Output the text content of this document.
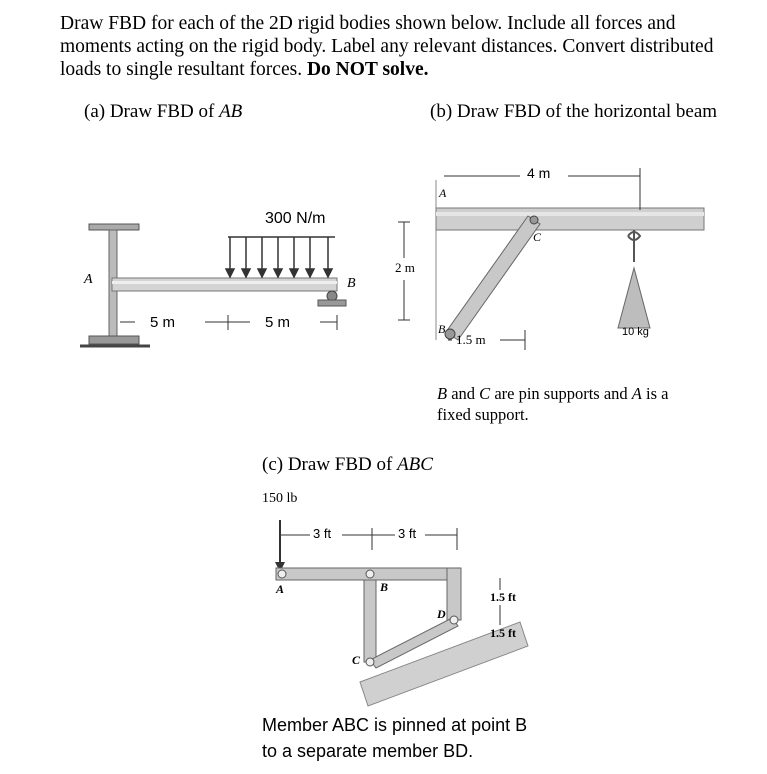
Draw FBD for each of the 2D rigid bodies shown below. Include all forces and
moments acting on the rigid body. Label any relevant distances. Convert distributed
loads to single resultant forces. Do NOT solve.
(a) Draw FBD of AB	(b) Draw FBD of the horizontal beam
300 N/m
A	B
5 m	5 m
4 m
2 m
1.5 m
A
B
C
10 kg
B and C are pin supports and A is a
fixed support.
(c) Draw FBD of ABC
150 lb
3 ft	3 ft
1.5 ft
1.5 ft
A	B
C
D
Member ABC is pinned at point B
to a separate member BD.
